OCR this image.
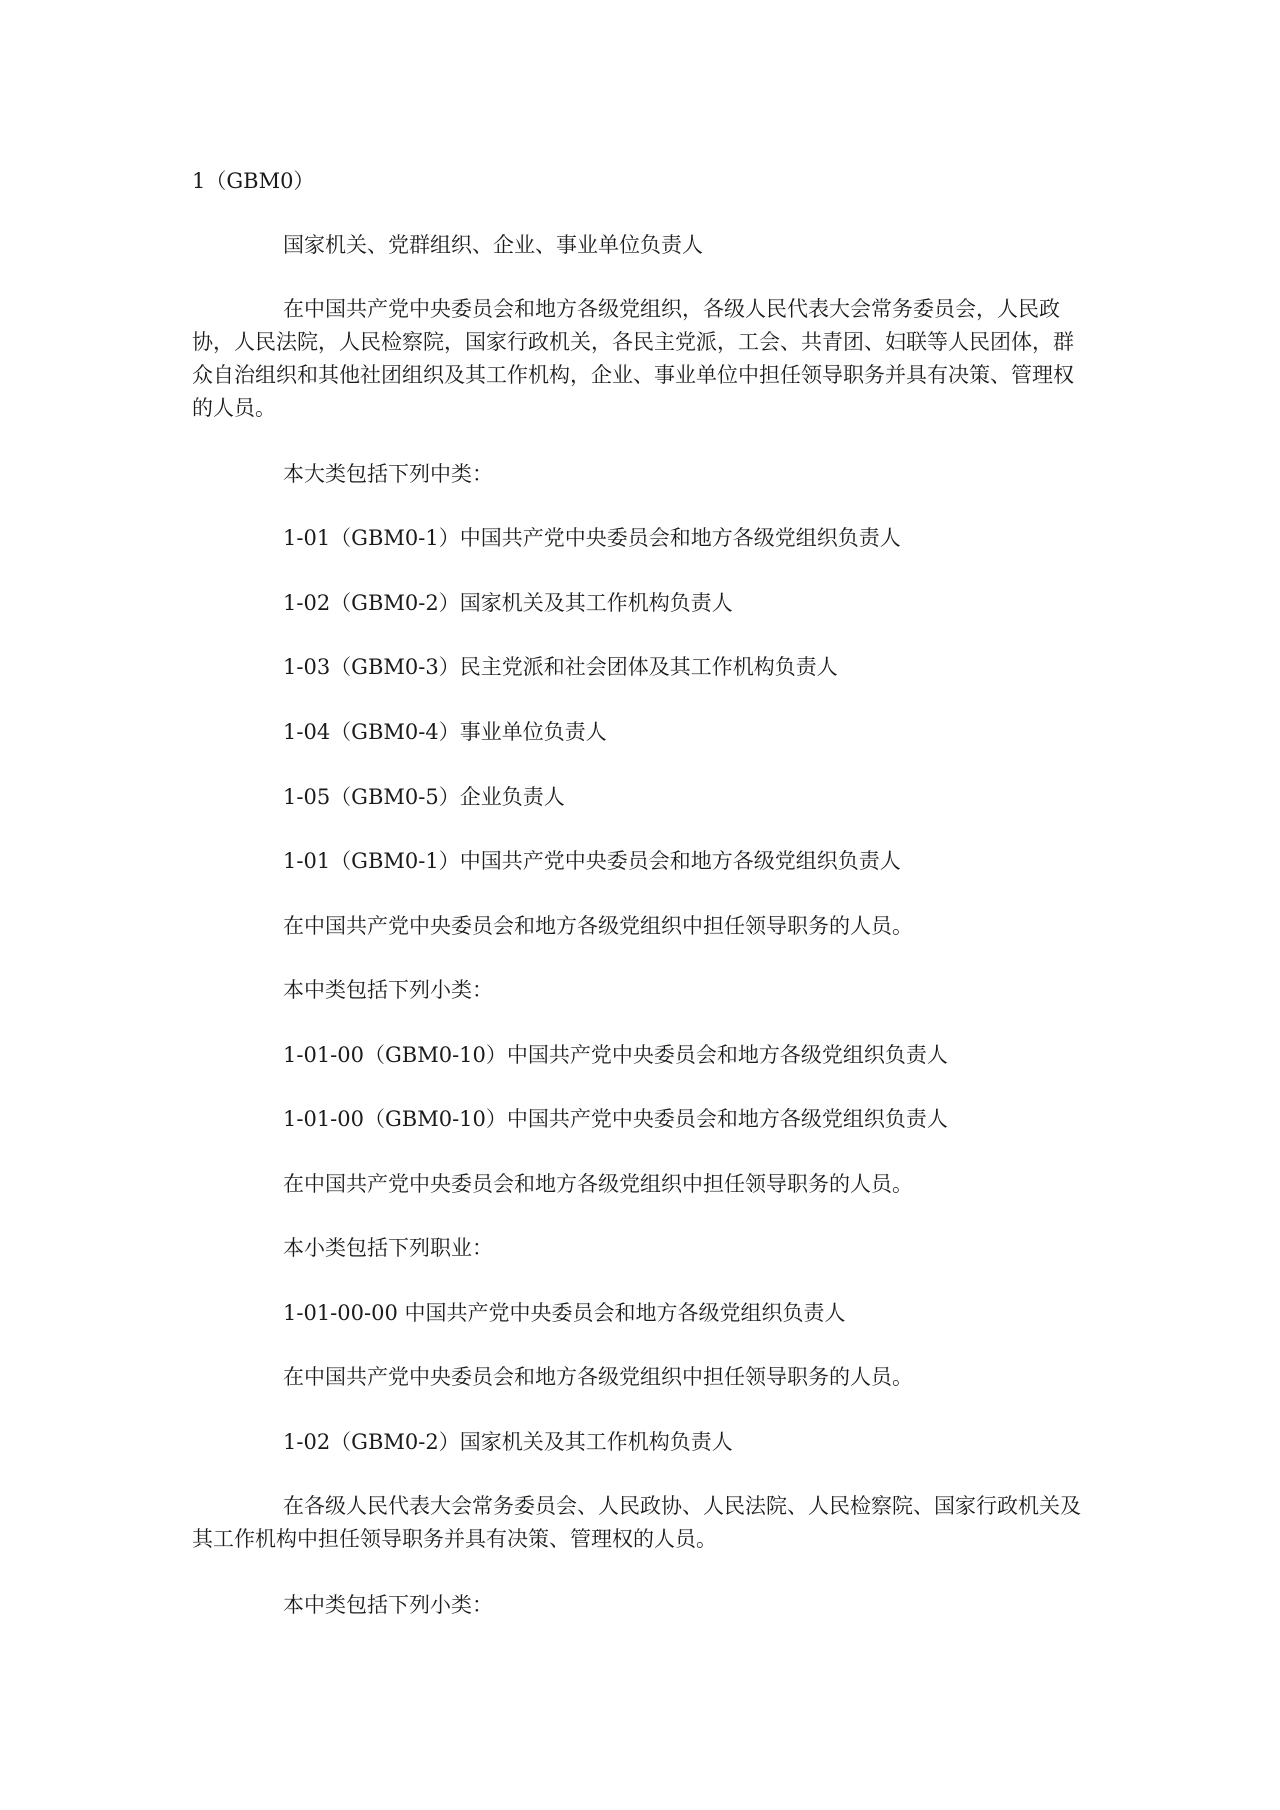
1（GBM0）

国家机关、党群组织、企业、事业单位负责人

在中国共产党中央委员会和地方各级党组织，各级人民代表大会常务委员会，人民政协，人民法院，人民检察院，国家行政机关，各民主党派，工会、共青团、妇联等人民团体，群众自治组织和其他社团组织及其工作机构，企业、事业单位中担任领导职务并具有决策、管理权的人员。

本大类包括下列中类：

1-01（GBM0-1）中国共产党中央委员会和地方各级党组织负责人

1-02（GBM0-2）国家机关及其工作机构负责人

1-03（GBM0-3）民主党派和社会团体及其工作机构负责人

1-04（GBM0-4）事业单位负责人

1-05（GBM0-5）企业负责人

1-01（GBM0-1）中国共产党中央委员会和地方各级党组织负责人

在中国共产党中央委员会和地方各级党组织中担任领导职务的人员。

本中类包括下列小类：

1-01-00（GBM0-10）中国共产党中央委员会和地方各级党组织负责人

1-01-00（GBM0-10）中国共产党中央委员会和地方各级党组织负责人

在中国共产党中央委员会和地方各级党组织中担任领导职务的人员。

本小类包括下列职业：

1-01-00-00 中国共产党中央委员会和地方各级党组织负责人

在中国共产党中央委员会和地方各级党组织中担任领导职务的人员。

1-02（GBM0-2）国家机关及其工作机构负责人

在各级人民代表大会常务委员会、人民政协、人民法院、人民检察院、国家行政机关及其工作机构中担任领导职务并具有决策、管理权的人员。

本中类包括下列小类：
